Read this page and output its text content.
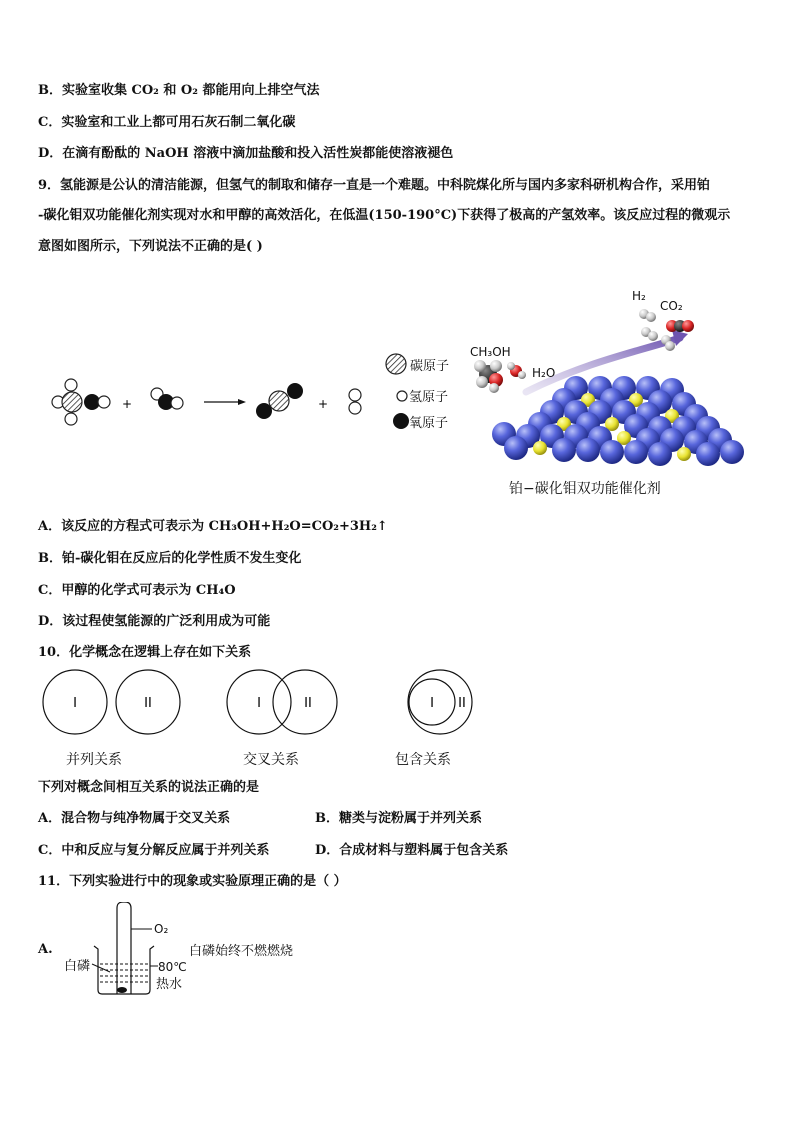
B．实验室收集 CO₂ 和 O₂ 都能用向上排空气法
C．实验室和工业上都可用石灰石制二氧化碳
D．在滴有酚酞的 NaOH 溶液中滴加盐酸和投入活性炭都能使溶液褪色
9．氢能源是公认的清洁能源，但氢气的制取和储存一直是一个难题。中科院煤化所与国内多家科研机构合作，采用铂
-碳化钼双功能催化剂实现对水和甲醇的高效活化，在低温(150-190°C)下获得了极高的产氢效率。该反应过程的微观示
意图如图所示，下列说法不正确的是( )
+	+
碳原子
氢原子
氧原子
H₂
CO₂
CH₃OH
H₂O
铂−碳化钼双功能催化剂
A．该反应的方程式可表示为 CH₃OH+H₂O=CO₂+3H₂↑
B．铂-碳化钼在反应后的化学性质不发生变化
C．甲醇的化学式可表示为 CH₄O
D．该过程使氢能源的广泛利用成为可能
10．化学概念在逻辑上存在如下关系
I	II	I	II	I II
并列关系	交叉关系	包含关系
下列对概念间相互关系的说法正确的是
A．混合物与纯净物属于交叉关系	B．糖类与淀粉属于并列关系
C．中和反应与复分解反应属于并列关系	D．合成材料与塑料属于包含关系
11．下列实验进行中的现象或实验原理正确的是（ ）
A.
O₂
白磷	80℃
热水
白磷始终不燃燃烧
